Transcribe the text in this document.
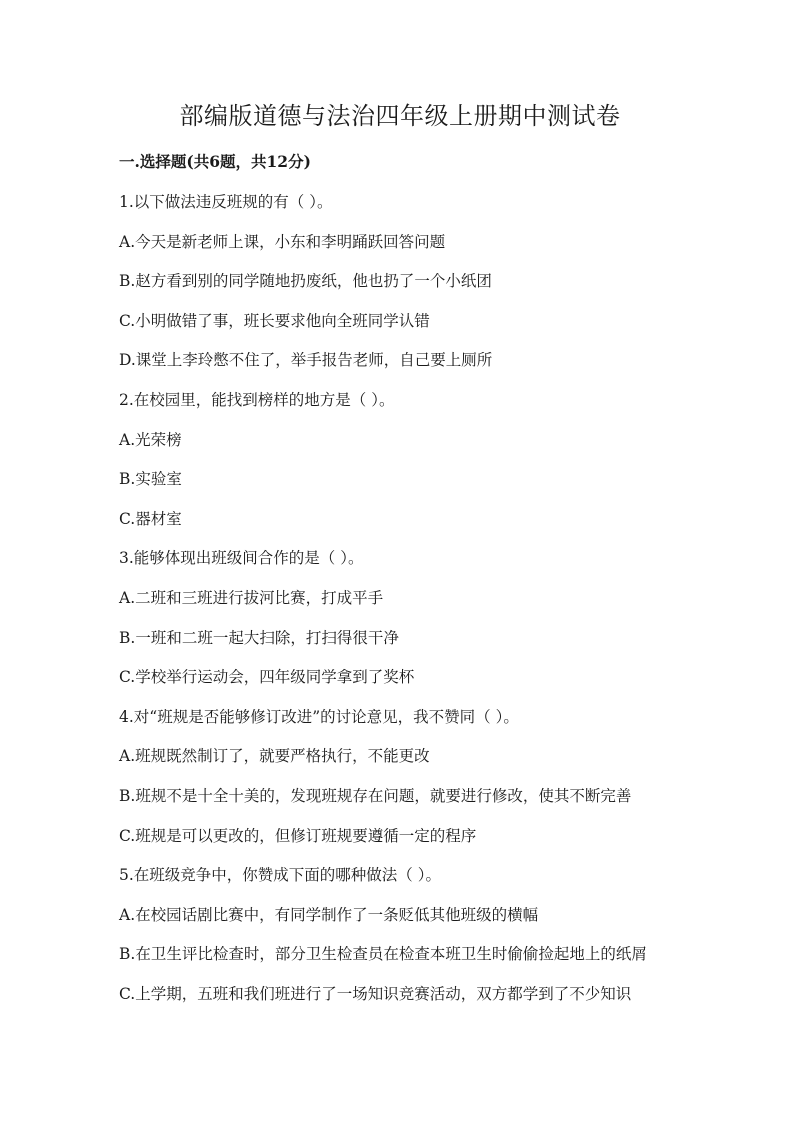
部编版道德与法治四年级上册期中测试卷
一.选择题(共6题，共12分)
1.以下做法违反班规的有（ ）。
A.今天是新老师上课，小东和李明踊跃回答问题
B.赵方看到别的同学随地扔废纸，他也扔了一个小纸团
C.小明做错了事，班长要求他向全班同学认错
D.课堂上李玲憋不住了，举手报告老师，自己要上厕所
2.在校园里，能找到榜样的地方是（ ）。
A.光荣榜
B.实验室
C.器材室
3.能够体现出班级间合作的是（ ）。
A.二班和三班进行拔河比赛，打成平手
B.一班和二班一起大扫除，打扫得很干净
C.学校举行运动会，四年级同学拿到了奖杯
4.对“班规是否能够修订改进”的讨论意见，我不赞同（ ）。
A.班规既然制订了，就要严格执行，不能更改
B.班规不是十全十美的，发现班规存在问题，就要进行修改，使其不断完善
C.班规是可以更改的，但修订班规要遵循一定的程序
5.在班级竞争中，你赞成下面的哪种做法（ ）。
A.在校园话剧比赛中，有同学制作了一条贬低其他班级的横幅
B.在卫生评比检查时，部分卫生检查员在检查本班卫生时偷偷捡起地上的纸屑
C.上学期，五班和我们班进行了一场知识竞赛活动，双方都学到了不少知识
